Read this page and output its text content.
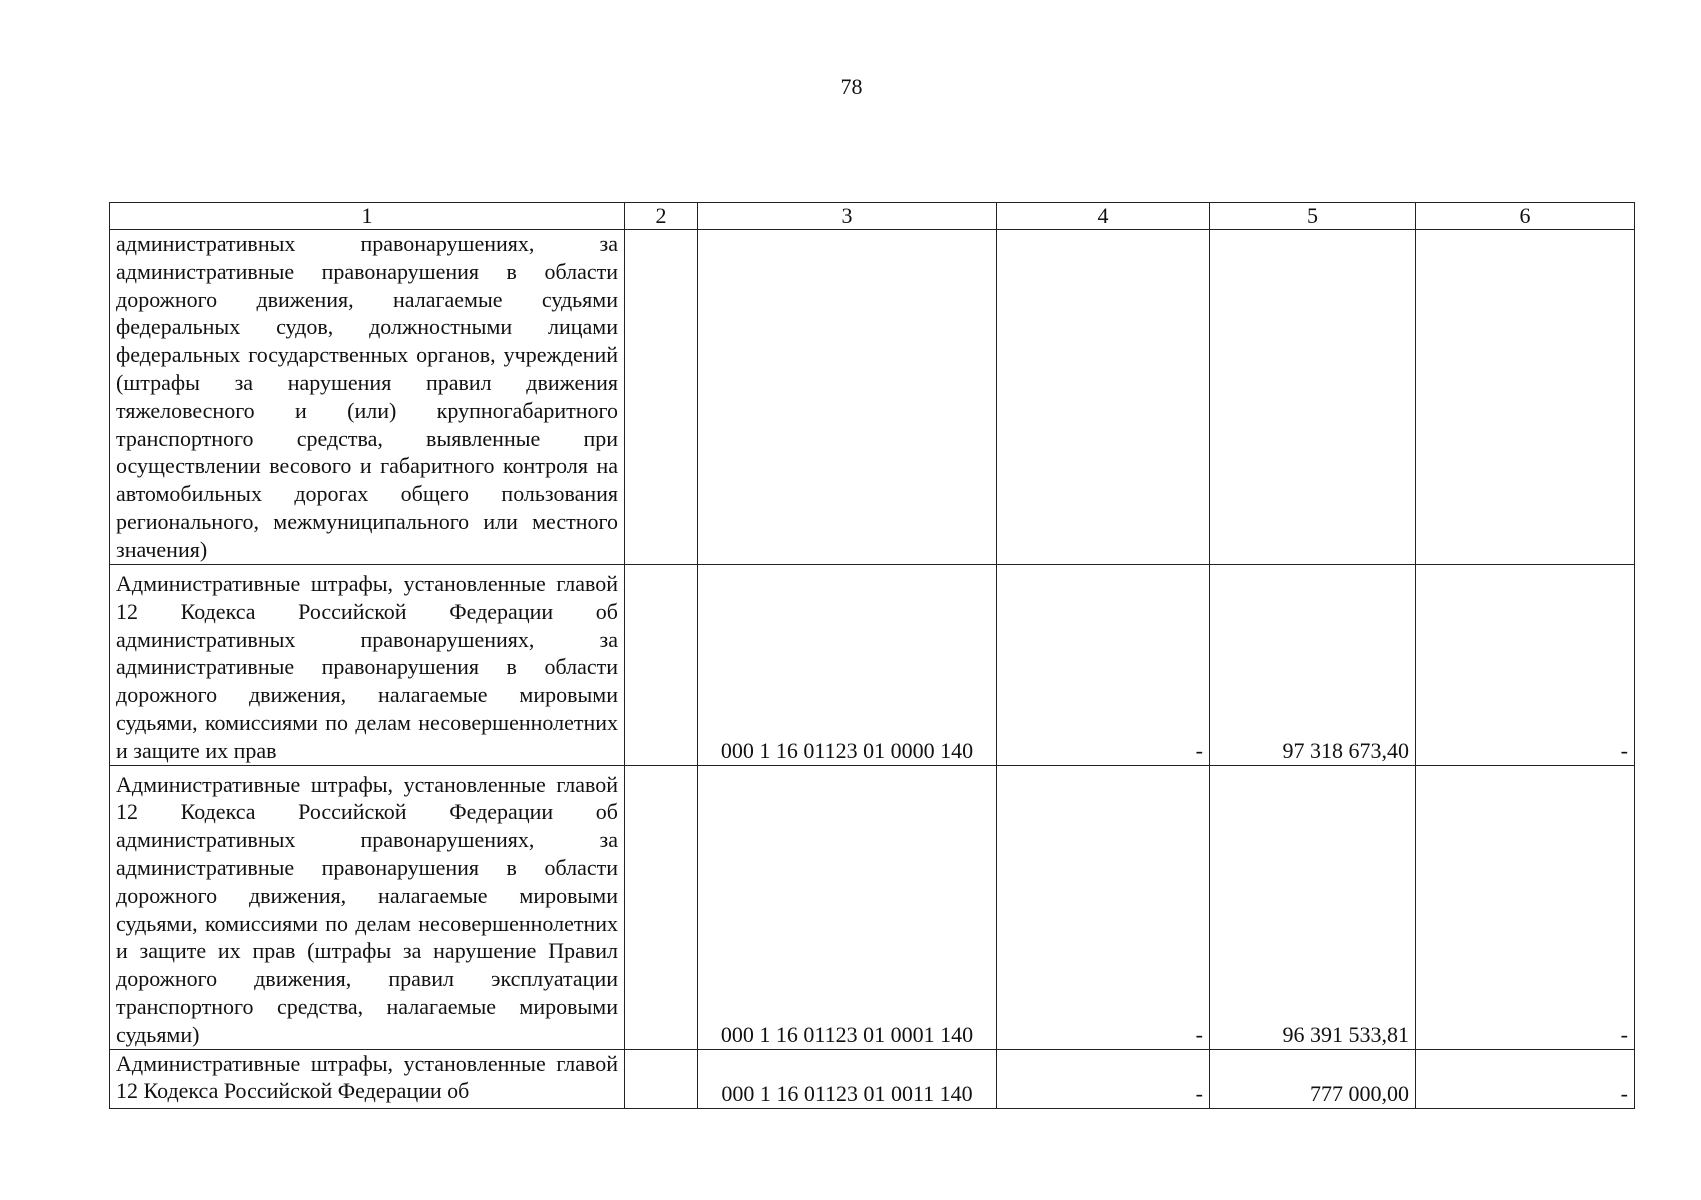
78
1	2	3	4	5	6
административных правонарушениях, за административные правонарушения в области дорожного движения, налагаемые судьями федеральных судов, должностными лицами федеральных государственных органов, учреждений (штрафы за нарушения правил движения тяжеловесного и (или) крупногабаритного транспортного средства, выявленные при осуществлении весового и габаритного контроля на автомобильных дорогах общего пользования регионального, межмуниципального или местного значения)					
Административные штрафы, установленные главой 12 Кодекса Российской Федерации об административных правонарушениях, за административные правонарушения в области дорожного движения, налагаемые мировыми судьями, комиссиями по делам несовершеннолетних и защите их прав		000 1 16 01123 01 0000 140	-	97 318 673,40	-
Административные штрафы, установленные главой 12 Кодекса Российской Федерации об административных правонарушениях, за административные правонарушения в области дорожного движения, налагаемые мировыми судьями, комиссиями по делам несовершеннолетних и защите их прав (штрафы за нарушение Правил дорожного движения, правил эксплуатации транспортного средства, налагаемые мировыми судьями)		000 1 16 01123 01 0001 140	-	96 391 533,81	-
Административные штрафы, установленные главой 12 Кодекса Российской Федерации об		000 1 16 01123 01 0011 140	-	777 000,00	-
